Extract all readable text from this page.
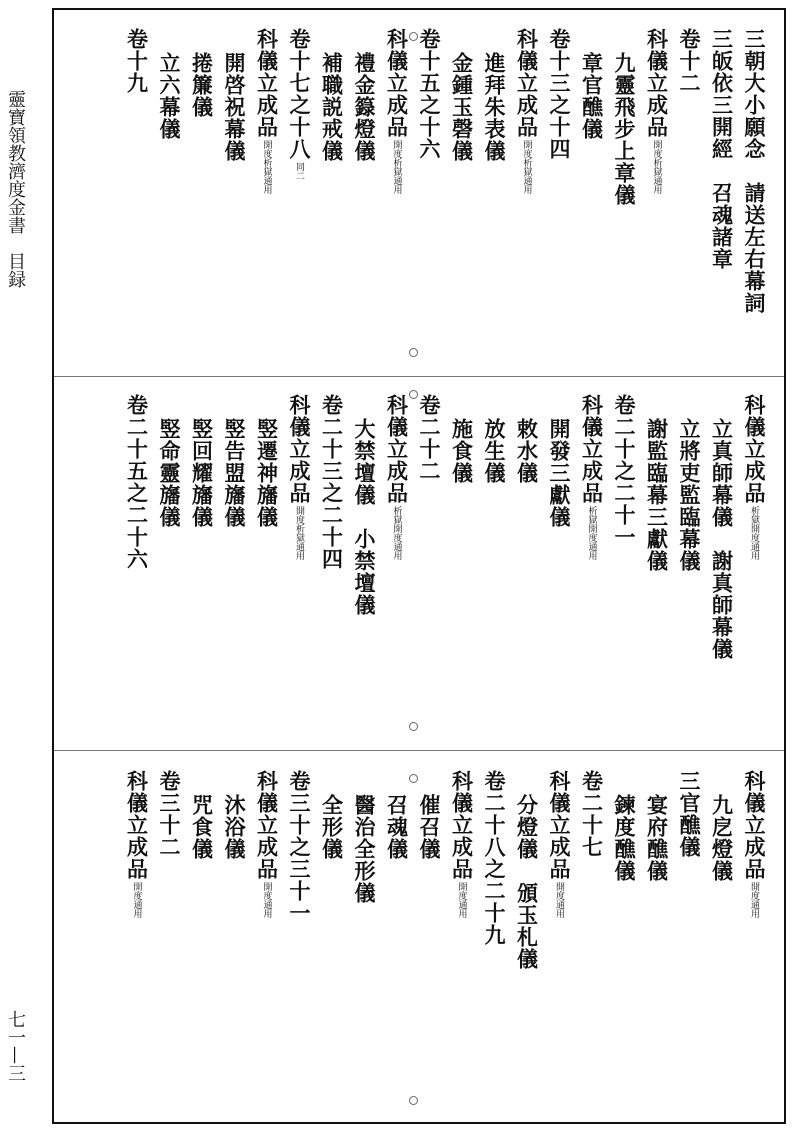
靈寶領教濟度金書　目録
七一—三
三朝大小願念　請送左右幕詞
三皈依三開經　召魂諸章
卷十二
科儀立成品開度析獄通用
九靈飛步上章儀
章官醮儀
卷十三之十四
科儀立成品開度析獄通用
進拜朱表儀
金鍾玉磬儀
卷十五之十六
科儀立成品開度析獄通用
禮金籙燈儀
補職説戒儀
卷十七之十八同二
科儀立成品開度析獄通用
開啓祝幕儀
捲簾儀
立六幕儀
卷十九
科儀立成品析獄開度通用
立真師幕儀　謝真師幕儀
立將吏監臨幕儀
謝監臨幕三獻儀
卷二十之二十一
科儀立成品析獄開度通用
開發三獻儀
敕水儀
放生儀
施食儀
卷二十二
科儀立成品析獄開度通用
大禁壇儀　小禁壇儀
卷二十三之二十四
科儀立成品開度析獄通用
竪遷神旛儀
竪告盟旛儀
竪回耀旛儀
竪命靈旛儀
卷二十五之二十六
科儀立成品開度通用
九戹燈儀
三官醮儀
宴府醮儀
鍊度醮儀
卷二十七
科儀立成品開度通用
分燈儀　頒玉札儀
卷二十八之二十九
科儀立成品開度通用
催召儀
召魂儀
醫治全形儀
全形儀
卷三十之三十一
科儀立成品開度通用
沐浴儀
咒食儀
卷三十二
科儀立成品開度通用
